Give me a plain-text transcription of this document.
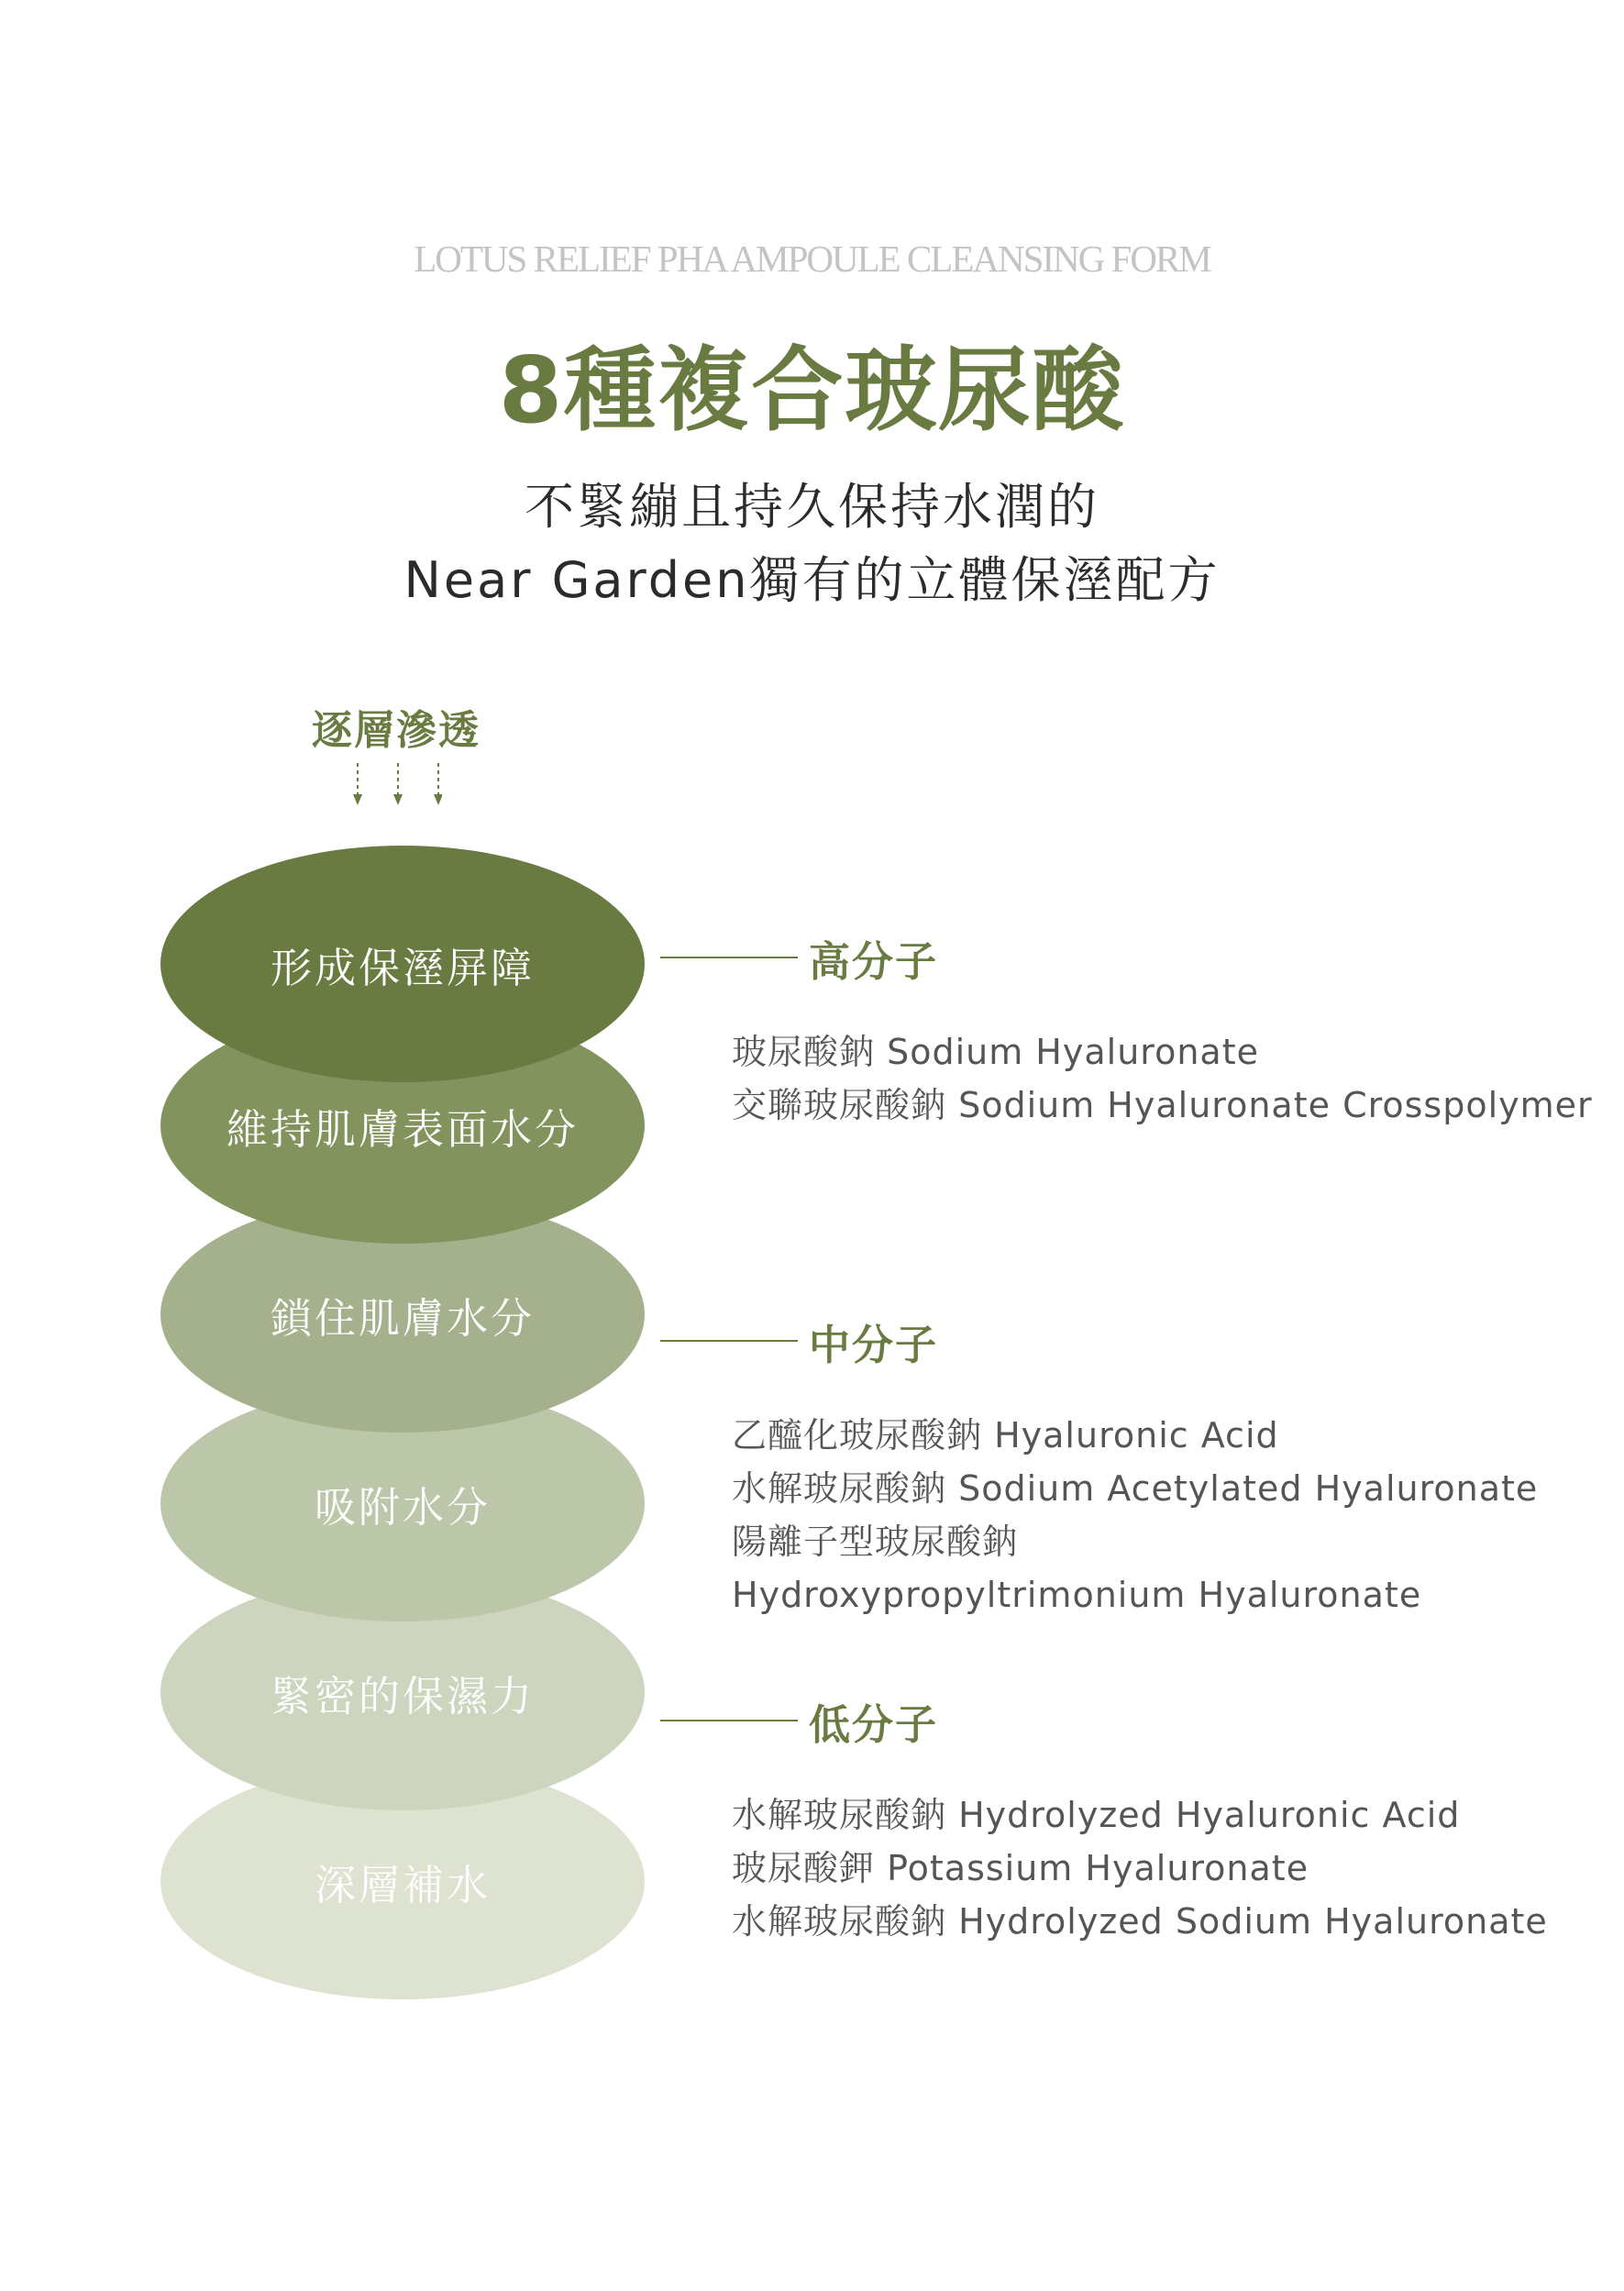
LOTUS RELIEF PHA AMPOULE CLEANSING FORM
8種複合玻尿酸
不緊繃且持久保持水潤的
Near Garden獨有的立體保溼配方
逐層滲透
深層補水
緊密的保濕力
吸附水分
鎖住肌膚水分
維持肌膚表面水分
形成保溼屏障	高分子
玻尿酸鈉 Sodium Hyaluronate
交聯玻尿酸鈉 Sodium Hyaluronate Crosspolymer
中分子
乙醯化玻尿酸鈉 Hyaluronic Acid
水解玻尿酸鈉 Sodium Acetylated Hyaluronate
陽離子型玻尿酸鈉
Hydroxypropyltrimonium Hyaluronate
低分子
水解玻尿酸鈉 Hydrolyzed Hyaluronic Acid
玻尿酸鉀 Potassium Hyaluronate
水解玻尿酸鈉 Hydrolyzed Sodium Hyaluronate
